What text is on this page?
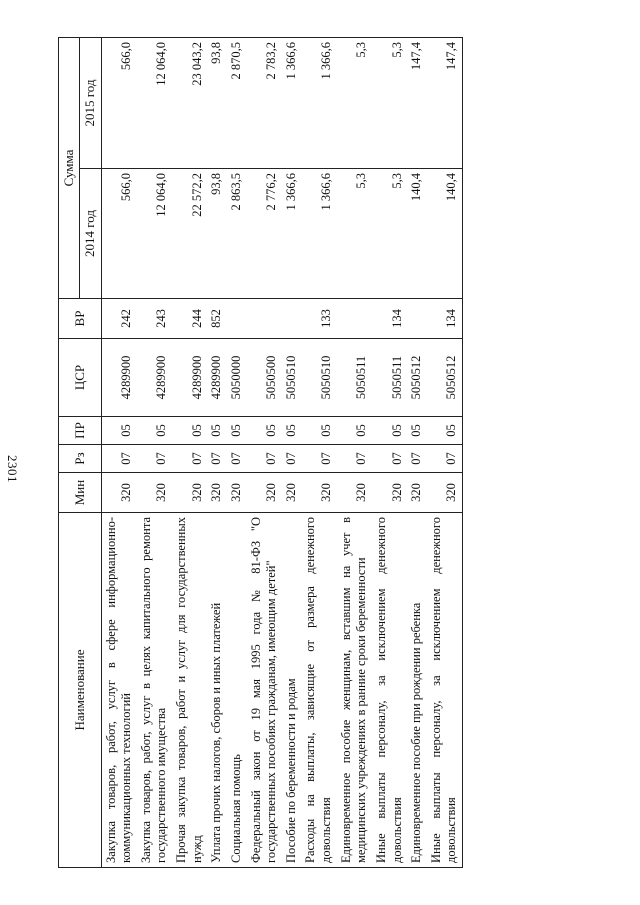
2301
Наименование	Мин	Рз	ПР	ЦСР	ВР	Сумма	
						2014 год	2015 год
Закупка товаров, работ, услуг в сфере информационно-коммуникационных технологий	320	07	05	4289900	242	566,0	566,0
Закупка товаров, работ, услуг в целях капитального ремонта государственного имущества	320	07	05	4289900	243	12 064,0	12 064,0
Прочая закупка товаров, работ и услуг для государственных нужд	320	07	05	4289900	244	22 572,2	23 043,2
Уплата прочих налогов, сборов и иных платежей	320	07	05	4289900	852	93,8	93,8
Социальная помощь	320	07	05	5050000		2 863,5	2 870,5
Федеральный закон от 19 мая 1995 года № 81-ФЗ "О государственных пособиях гражданам, имеющим детей"	320	07	05	5050500		2 776,2	2 783,2
Пособие по беременности и родам	320	07	05	5050510		1 366,6	1 366,6
Расходы на выплаты, зависящие от размера денежного довольствия	320	07	05	5050510	133	1 366,6	1 366,6
Единовременное пособие женщинам, вставшим на учет в медицинских учреждениях в ранние сроки беременности	320	07	05	5050511		5,3	5,3
Иные выплаты персоналу, за исключением денежного довольствия	320	07	05	5050511	134	5,3	5,3
Единовременное пособие при рождении ребенка	320	07	05	5050512		140,4	147,4
Иные выплаты персоналу, за исключением денежного довольствия	320	07	05	5050512	134	140,4	147,4
